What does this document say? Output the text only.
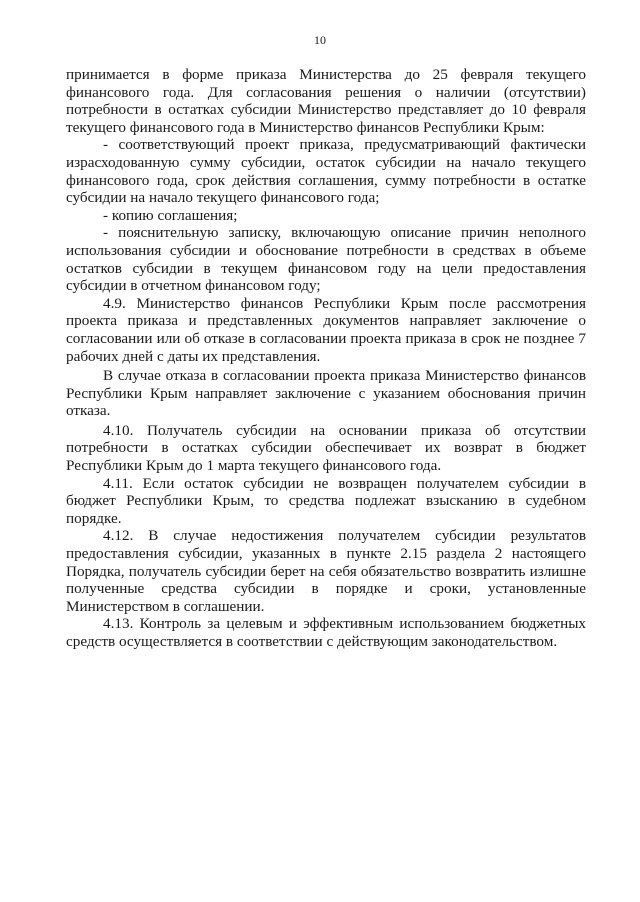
10

принимается в форме приказа Министерства до 25 февраля текущего финансового года. Для согласования решения о наличии (отсутствии) потребности в остатках субсидии Министерство представляет до 10 февраля текущего финансового года в Министерство финансов Республики Крым:

- соответствующий проект приказа, предусматривающий фактически израсходованную сумму субсидии, остаток субсидии на начало текущего финансового года, срок действия соглашения, сумму потребности в остатке субсидии на начало текущего финансового года;

- копию соглашения;

- пояснительную записку, включающую описание причин неполного использования субсидии и обоснование потребности в средствах в объеме остатков субсидии в текущем финансовом году на цели предоставления субсидии в отчетном финансовом году;

4.9. Министерство финансов Республики Крым после рассмотрения проекта приказа и представленных документов направляет заключение о согласовании или об отказе в согласовании проекта приказа в срок не позднее 7 рабочих дней с даты их представления.

В случае отказа в согласовании проекта приказа Министерство финансов Республики Крым направляет заключение с указанием обоснования причин отказа.

4.10. Получатель субсидии на основании приказа об отсутствии потребности в остатках субсидии обеспечивает их возврат в бюджет Республики Крым до 1 марта текущего финансового года.

4.11. Если остаток субсидии не возвращен получателем субсидии в бюджет Республики Крым, то средства подлежат взысканию в судебном порядке.

4.12. В случае недостижения получателем субсидии результатов предоставления субсидии, указанных в пункте 2.15 раздела 2 настоящего Порядка, получатель субсидии берет на себя обязательство возвратить излишне полученные средства субсидии в порядке и сроки, установленные Министерством в соглашении.

4.13. Контроль за целевым и эффективным использованием бюджетных средств осуществляется в соответствии с действующим законодательством.
